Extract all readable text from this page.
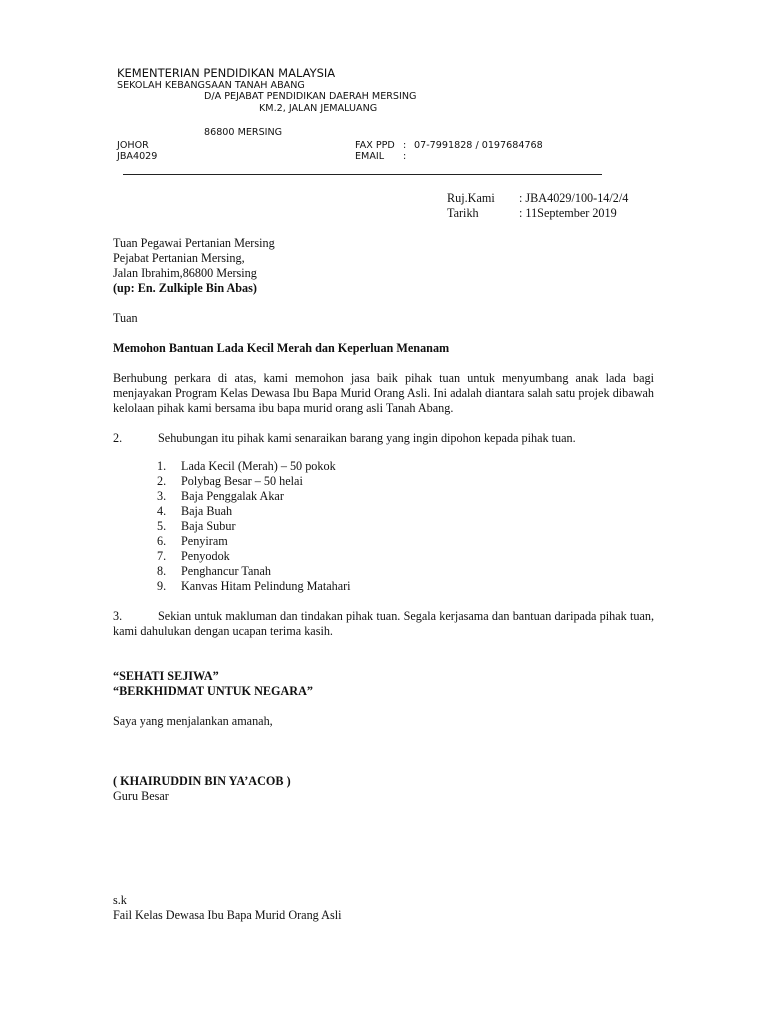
KEMENTERIAN PENDIDIKAN MALAYSIA
SEKOLAH KEBANGSAAN TANAH ABANG
D/A PEJABAT PENDIDIKAN DAERAH MERSING
KM.2, JALAN JEMALUANG
86800 MERSING
JOHOR
JBA4029
FAX PPD : 07-7991828 / 0197684768
EMAIL :
Ruj.Kami : JBA4029/100-14/2/4
Tarikh	: 11September 2019
Tuan Pegawai Pertanian Mersing
Pejabat Pertanian Mersing,
Jalan Ibrahim,86800 Mersing
(up: En. Zulkiple Bin Abas)
Tuan
Memohon Bantuan Lada Kecil Merah dan Keperluan Menanam
Berhubung perkara di atas, kami memohon jasa baik pihak tuan untuk menyumbang anak lada bagi menjayakan Program Kelas Dewasa Ibu Bapa Murid Orang Asli. Ini adalah diantara salah satu projek dibawah kelolaan pihak kami bersama ibu bapa murid orang asli Tanah Abang.
2.	Sehubungan itu pihak kami senaraikan barang yang ingin dipohon kepada pihak tuan.
1. Lada Kecil (Merah) – 50 pokok
2. Polybag Besar – 50 helai
3. Baja Penggalak Akar
4. Baja Buah
5. Baja Subur
6. Penyiram
7. Penyodok
8. Penghancur Tanah
9. Kanvas Hitam Pelindung Matahari
3.	Sekian untuk makluman dan tindakan pihak tuan. Segala kerjasama dan bantuan daripada pihak tuan, kami dahulukan dengan ucapan terima kasih.
“SEHATI SEJIWA”
“BERKHIDMAT UNTUK NEGARA”
Saya yang menjalankan amanah,
( KHAIRUDDIN BIN YA’ACOB )
Guru Besar
s.k
Fail Kelas Dewasa Ibu Bapa Murid Orang Asli
